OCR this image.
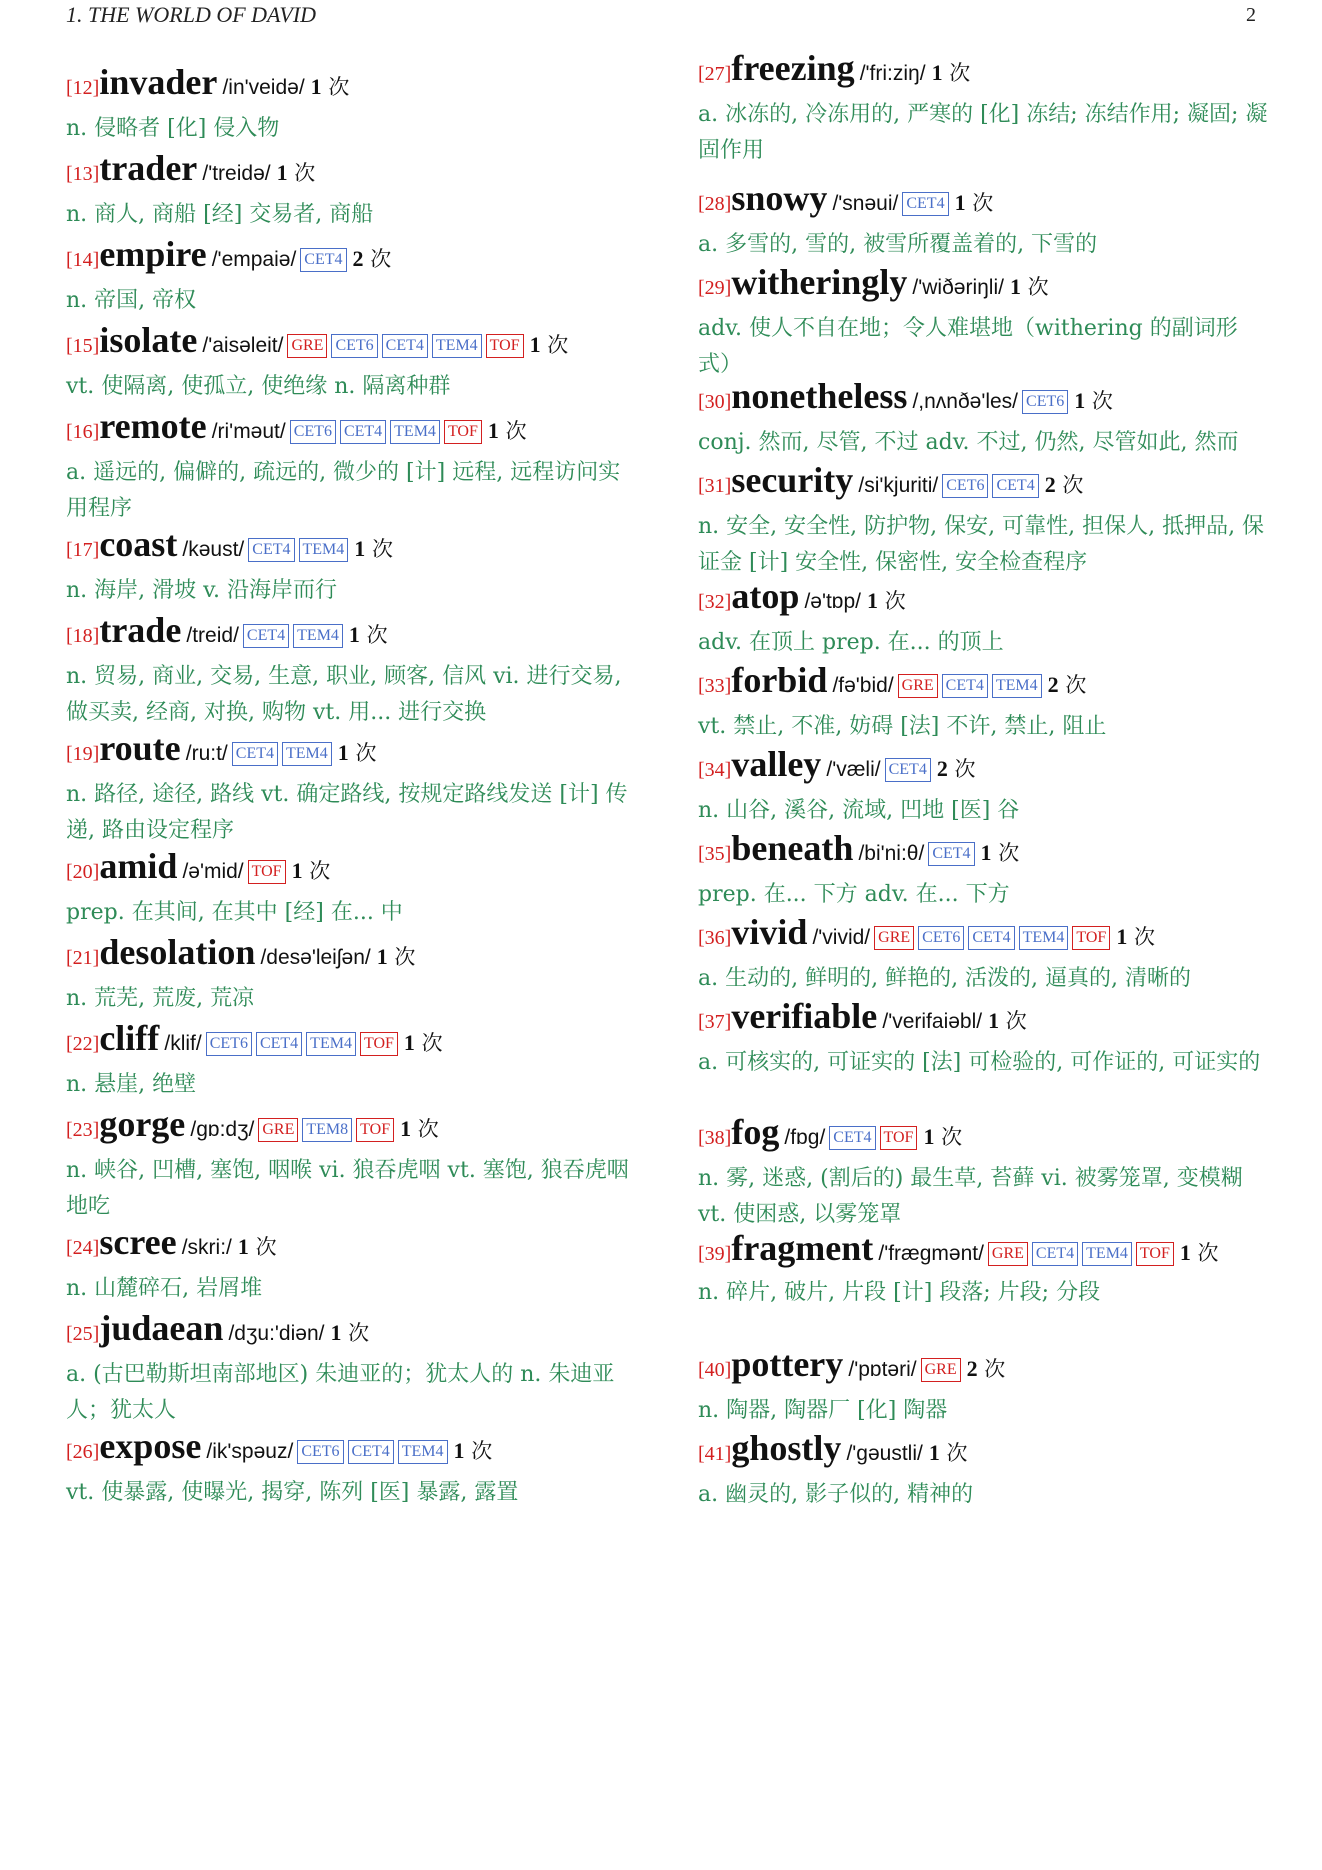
1. THE WORLD OF DAVID	2
[12]invader /in'veidə/ 1 次
n. 侵略者 [化] 侵入物
[13]trader /'treidə/ 1 次
n. 商人, 商船 [经] 交易者, 商船
[14]empire /'empaiə/ CET4 2 次
n. 帝国, 帝权
[15]isolate /'aisəleit/ GRE CET6 CET4 TEM4 TOF 1 次
vt. 使隔离, 使孤立, 使绝缘 n. 隔离种群
[16]remote /ri'məut/ CET6 CET4 TEM4 TOF 1 次
a. 遥远的, 偏僻的, 疏远的, 微少的 [计] 远程, 远程访问实用程序
[17]coast /kəust/ CET4 TEM4 1 次
n. 海岸, 滑坡 v. 沿海岸而行
[18]trade /treid/ CET4 TEM4 1 次
n. 贸易, 商业, 交易, 生意, 职业, 顾客, 信风 vi. 进行交易, 做买卖, 经商, 对换, 购物 vt. 用... 进行交换
[19]route /ru:t/ CET4 TEM4 1 次
n. 路径, 途径, 路线 vt. 确定路线, 按规定路线发送 [计] 传递, 路由设定程序
[20]amid /ə'mid/ TOF 1 次
prep. 在其间, 在其中 [经] 在... 中
[21]desolation /desə'leiʃən/ 1 次
n. 荒芜, 荒废, 荒凉
[22]cliff /klif/ CET6 CET4 TEM4 TOF 1 次
n. 悬崖, 绝壁
[23]gorge /gɒ:dʒ/ GRE TEM8 TOF 1 次
n. 峡谷, 凹槽, 塞饱, 咽喉 vi. 狼吞虎咽 vt. 塞饱, 狼吞虎咽地吃
[24]scree /skri:/ 1 次
n. 山麓碎石, 岩屑堆
[25]judaean /dʒu:'diən/ 1 次
a. (古巴勒斯坦南部地区) 朱迪亚的；犹太人的 n. 朱迪亚人；犹太人
[26]expose /ik'spəuz/ CET6 CET4 TEM4 1 次
vt. 使暴露, 使曝光, 揭穿, 陈列 [医] 暴露, 露置
[27]freezing /'fri:ziŋ/ 1 次
a. 冰冻的, 冷冻用的, 严寒的 [化] 冻结; 冻结作用; 凝固; 凝固作用
[28]snowy /'snəui/ CET4 1 次
a. 多雪的, 雪的, 被雪所覆盖着的, 下雪的
[29]witheringly /'wiðəriŋli/ 1 次
adv. 使人不自在地；令人难堪地（withering 的副词形式）
[30]nonetheless /,nʌnðə'les/ CET6 1 次
conj. 然而, 尽管, 不过 adv. 不过, 仍然, 尽管如此, 然而
[31]security /si'kjuriti/ CET6 CET4 2 次
n. 安全, 安全性, 防护物, 保安, 可靠性, 担保人, 抵押品, 保证金 [计] 安全性, 保密性, 安全检查程序
[32]atop /ə'tɒp/ 1 次
adv. 在顶上 prep. 在... 的顶上
[33]forbid /fə'bid/ GRE CET4 TEM4 2 次
vt. 禁止, 不准, 妨碍 [法] 不许, 禁止, 阻止
[34]valley /'væli/ CET4 2 次
n. 山谷, 溪谷, 流域, 凹地 [医] 谷
[35]beneath /bi'ni:θ/ CET4 1 次
prep. 在... 下方 adv. 在... 下方
[36]vivid /'vivid/ GRE CET6 CET4 TEM4 TOF 1 次
a. 生动的, 鲜明的, 鲜艳的, 活泼的, 逼真的, 清晰的
[37]verifiable /'verifaiəbl/ 1 次
a. 可核实的, 可证实的 [法] 可检验的, 可作证的, 可证实的
[38]fog /fɒg/ CET4 TOF 1 次
n. 雾, 迷惑, (割后的) 最生草, 苔藓 vi. 被雾笼罩, 变模糊 vt. 使困惑, 以雾笼罩
[39]fragment /'frægmənt/ GRE CET4 TEM4 TOF 1 次
n. 碎片, 破片, 片段 [计] 段落; 片段; 分段
[40]pottery /'pɒtəri/ GRE 2 次
n. 陶器, 陶器厂 [化] 陶器
[41]ghostly /'gəustli/ 1 次
a. 幽灵的, 影子似的, 精神的
